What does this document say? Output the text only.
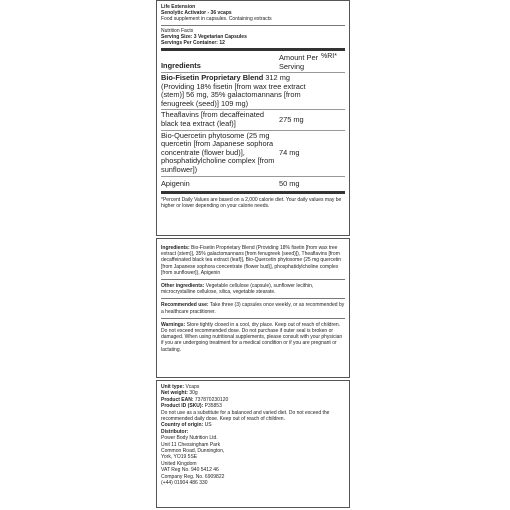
Life Extension
Senolytic Activator - 36 vcaps
Food supplement in capsules. Containing extracts
Nutrition Facts
Serving Size: 3 Vegetarian Capsules
Servings Per Container: 12
Ingredients	Amount Per Serving	%RI*
Bio-Fisetin Proprietary Blend 312 mg (Providing 18% fisetin [from wax tree extract (stem)] 56 mg, 35% galactomannans [from fenugreek (seed)] 109 mg)		
Theaflavins [from decaffeinated black tea extract (leaf)]	275 mg	
Bio-Quercetin phytosome (25 mg quercetin [from Japanese sophora concentrate (flower bud)], phosphatidylcholine complex [from sunflower])	74 mg	
Apigenin	50 mg	
*Percent Daily Values are based on a 2,000 calorie diet. Your daily values may be higher or lower depending on your calorie needs.
Ingredients: Bio-Fisetin Proprietary Blend (Providing 18% fisetin [from wax tree extract (stem)], 35% galactomannans [from fenugreek (seed)]), Theaflavins [from decaffeinated black tea extract (leaf)], Bio-Quercetin phytosome (25 mg quercetin [from Japanese sophora concentrate (flower bud)], phosphatidylcholine complex [from sunflower]), Apigenin
Other ingredients: Vegetable cellulose (capsule), sunflower lecithin, microcrystalline cellulose, silica, vegetable stearate.
Recommended use: Take three (3) capsules once weekly, or as recommended by a healthcare practitioner.
Warnings: Store tightly closed in a cool, dry place. Keep out of reach of children. Do not exceed recommended dose. Do not purchase if outer seal is broken or damaged. When using nutritional supplements, please consult with your physician if you are undergoing treatment for a medical condition or if you are pregnant or lactating.
Unit type: Vcaps
Net weight: 30g
Product EAN: 737870230120
Product ID (SKU): P35853
Do not use as a substitute for a balanced and varied diet. Do not exceed the recommended daily dose. Keep out of reach of children.
Country of origin: US
Distributor:
Power Body Nutrition Ltd.
Unit 11 Chessingham Park
Common Road, Dunnington,
York, YO19 5SE
United Kingdom
VAT Reg No. 940 5412 46
Company Reg. No. 6909822
(+44) 01904 486 330
